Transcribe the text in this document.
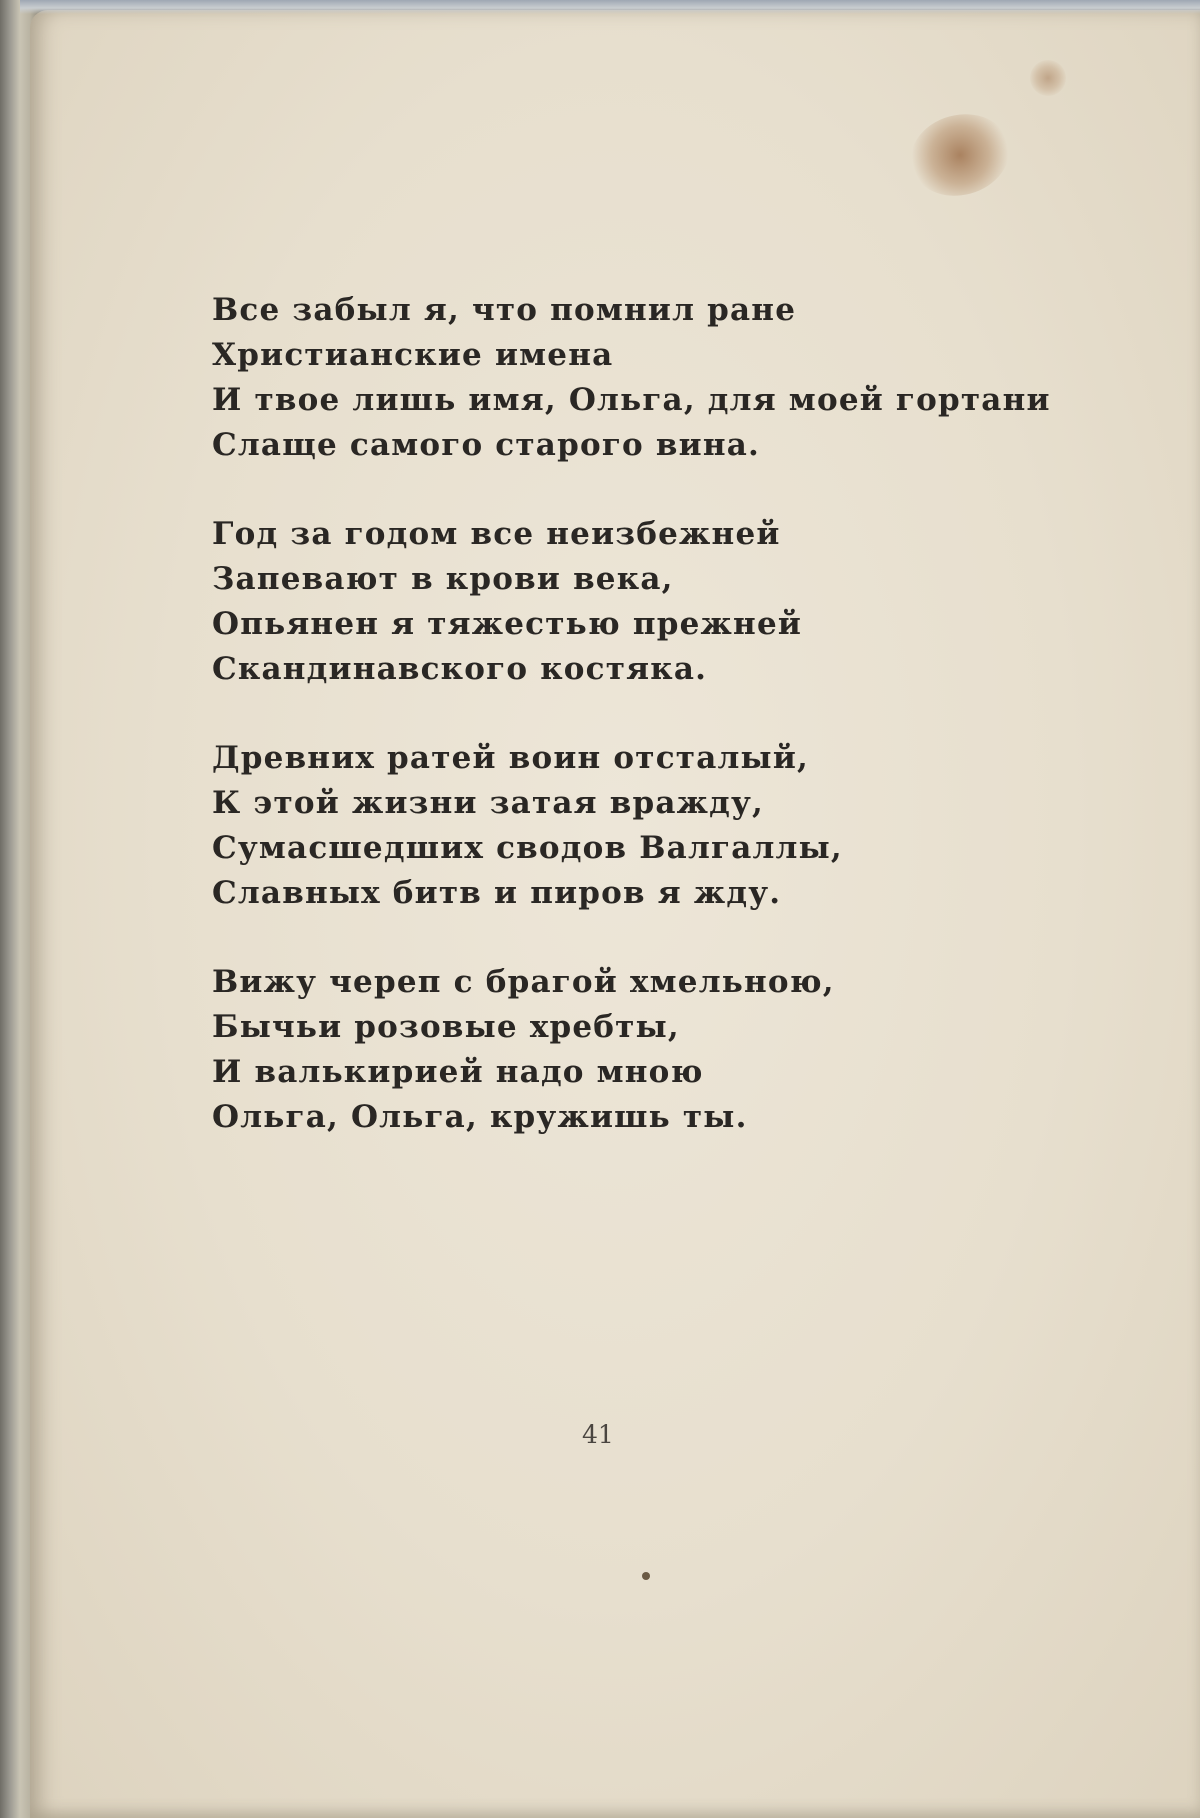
Все забыл я, что помнил ране
Христианские имена
И твое лишь имя, Ольга, для моей гортани
Слаще самого старого вина.
Год за годом все неизбежней
Запевают в крови века,
Опьянен я тяжестью прежней
Скандинавского костяка.
Древних ратей воин отсталый,
К этой жизни затая вражду,
Сумасшедших сводов Валгаллы,
Славных битв и пиров я жду.
Вижу череп с брагой хмельною,
Бычьи розовые хребты,
И валькирией надо мною
Ольга, Ольга, кружишь ты.
41
